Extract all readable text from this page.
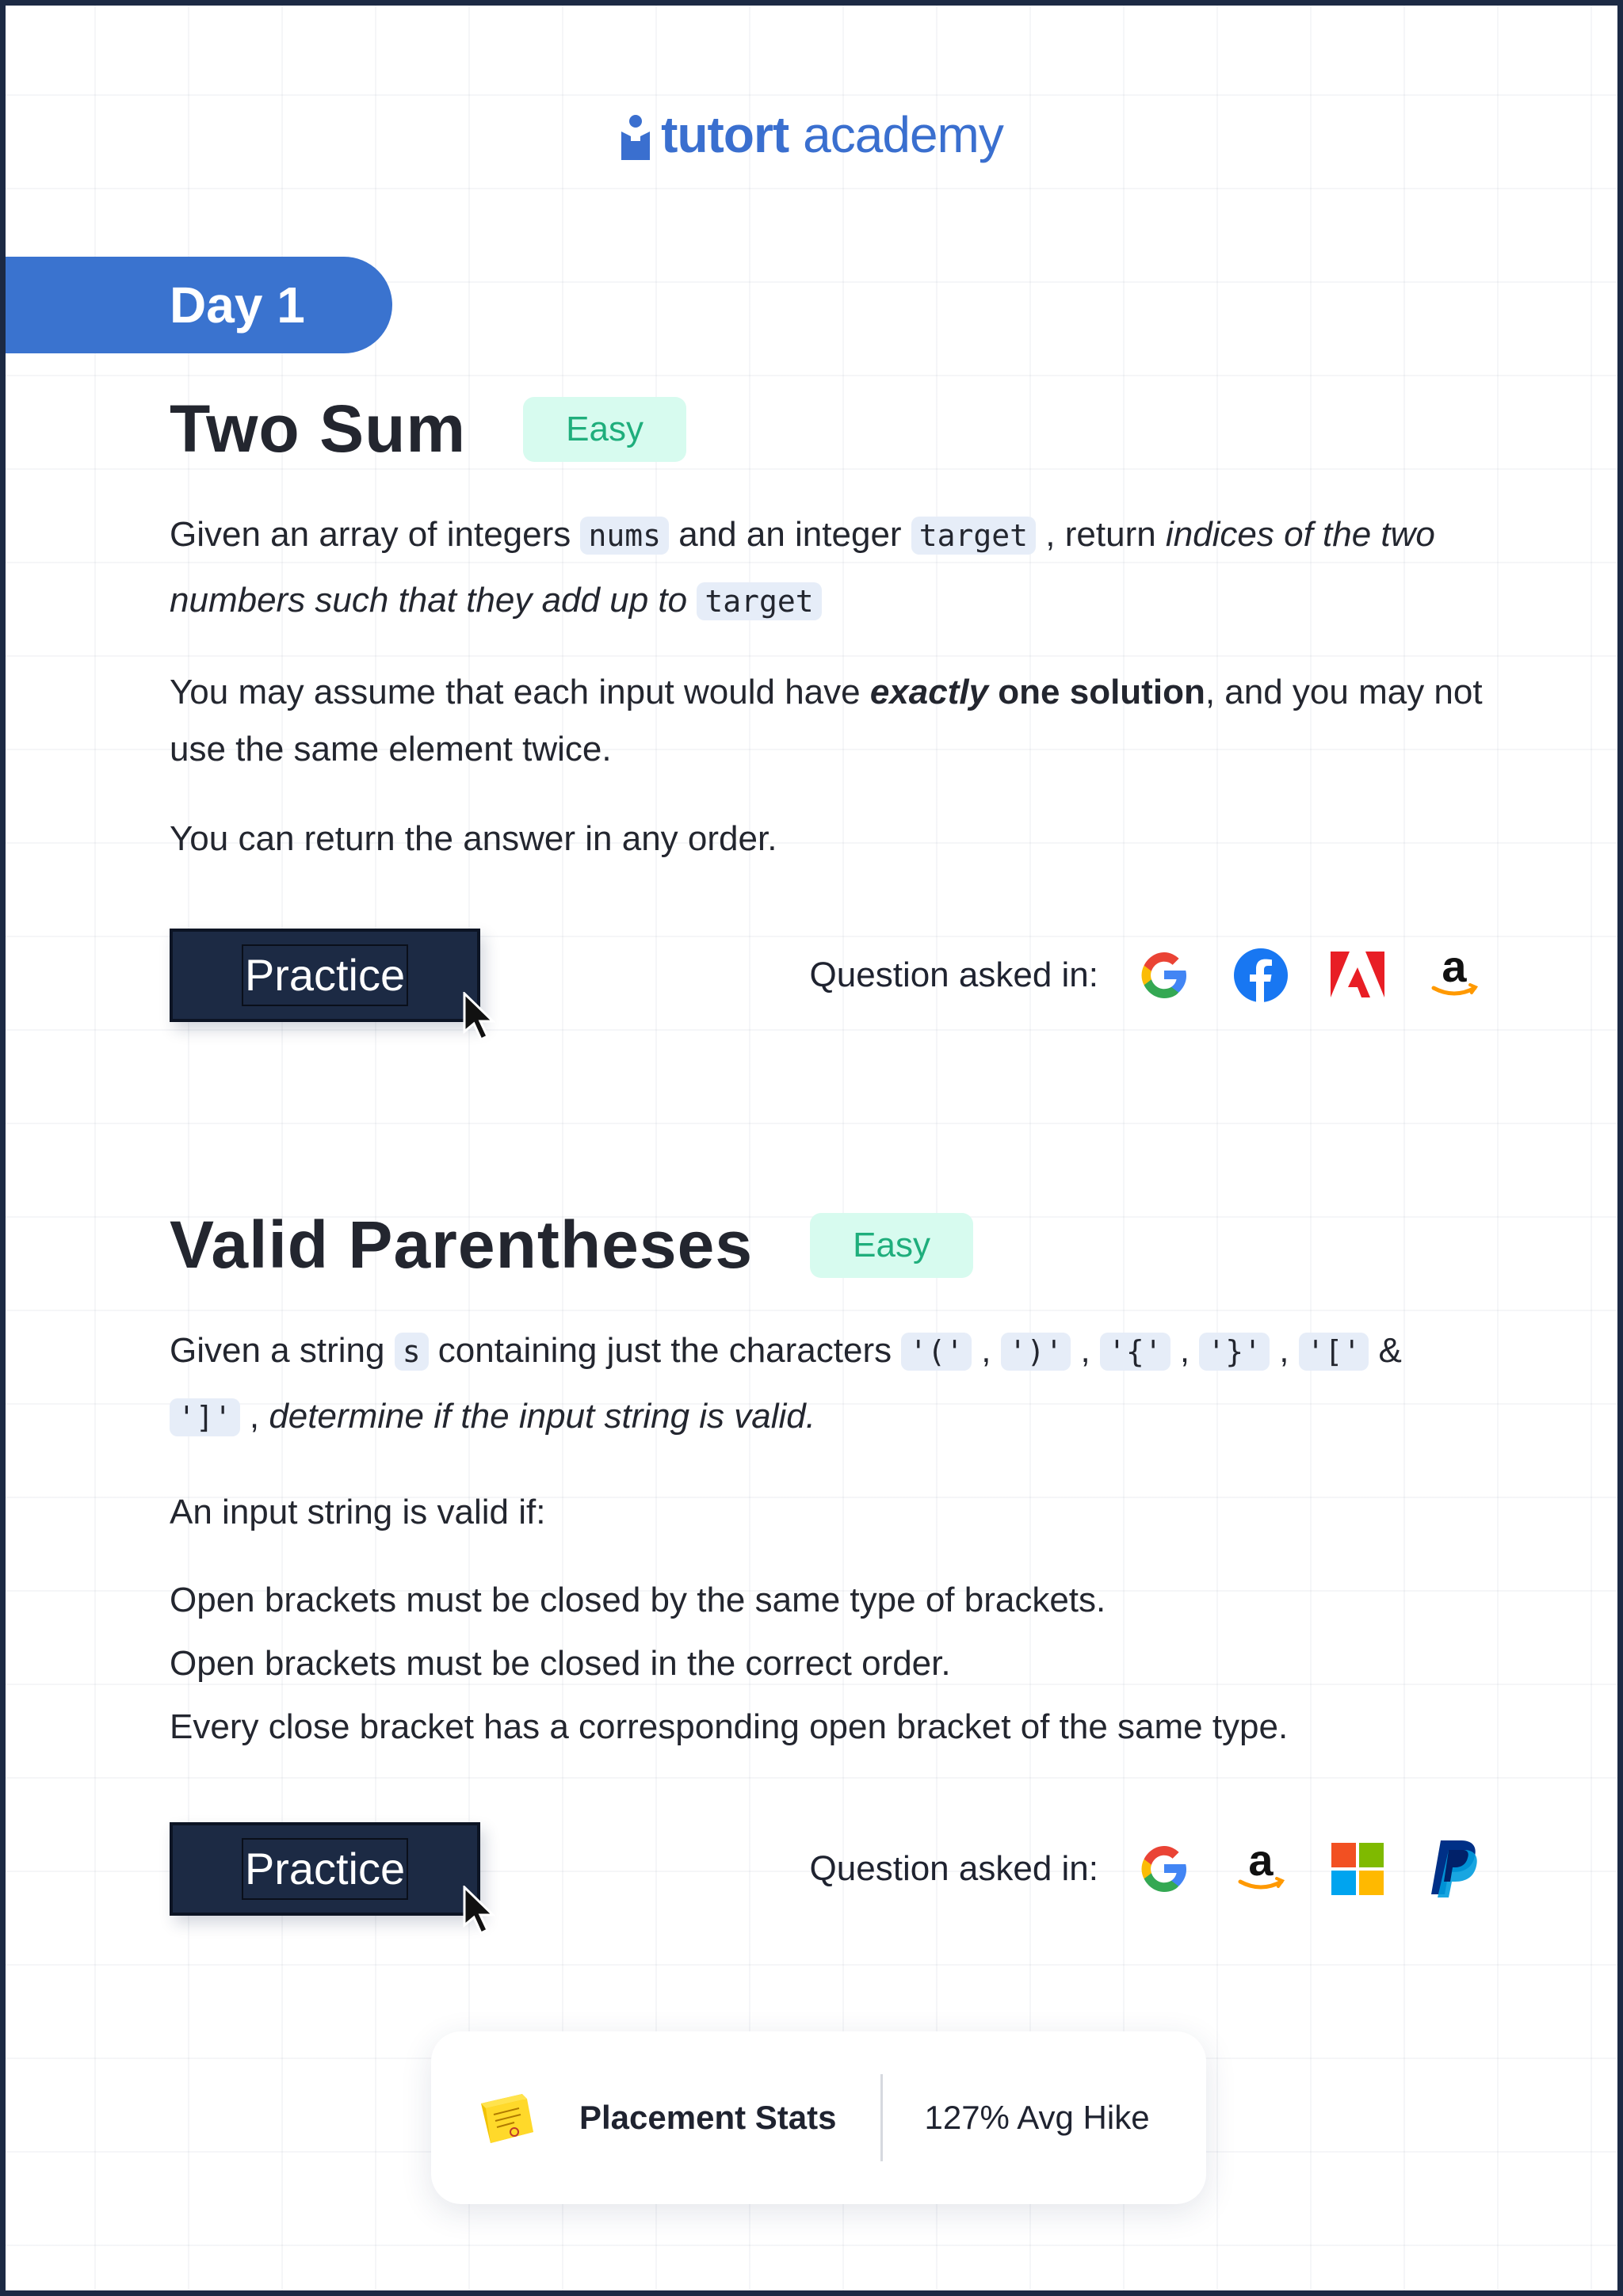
tutort academy
Day 1
Two Sum	Easy

Given an array of integers nums and an integer target , return indices of the two numbers such that they add up to target

You may assume that each input would have exactly one solution, and you may not use the same element twice.

You can return the answer in any order.

Practice	Question asked in:	a
Valid Parentheses	Easy

Given a string s containing just the characters '(' , ')' , '{' , '}' , '[' & ']' , determine if the input string is valid.

An input string is valid if:

Open brackets must be closed by the same type of brackets.

Open brackets must be closed in the correct order.

Every close bracket has a corresponding open bracket of the same type.

Practice	Question asked in:	a
Placement Stats	127% Avg Hike
